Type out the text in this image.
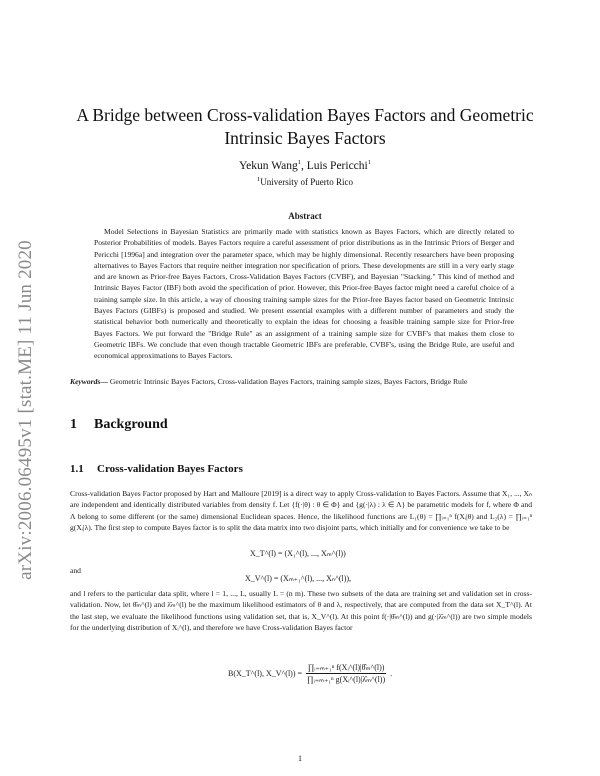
arXiv:2006.06495v1 [stat.ME] 11 Jun 2020
A Bridge between Cross-validation Bayes Factors and Geometric
Intrinsic Bayes Factors
Yekun Wang$^1$, Luis Pericchi$^1$
$^1$University of Puerto Rico
Abstract

Model Selections in Bayesian Statistics are primarily made with statistics known as Bayes Factors, which are directly related to Posterior Probabilities of models. Bayes Factors require a careful assessment of prior distributions as in the Intrinsic Priors of Berger and Pericchi [1996a] and integration over the parameter space, which may be highly dimensional. Recently researchers have been proposing alternatives to Bayes Factors that require neither integration nor specification of priors. These developments are still in a very early stage and are known as Prior-free Bayes Factors, Cross-Validation Bayes Factors (CVBF), and Bayesian "Stacking." This kind of method and Intrinsic Bayes Factor (IBF) both avoid the specification of prior. However, this Prior-free Bayes factor might need a careful choice of a training sample size. In this article, a way of choosing training sample sizes for the Prior-free Bayes factor based on Geometric Intrinsic Bayes Factors (GIBFs) is proposed and studied. We present essential examples with a different number of parameters and study the statistical behavior both numerically and theoretically to explain the ideas for choosing a feasible training sample size for Prior-free Bayes Factors. We put forward the "Bridge Rule" as an assignment of a training sample size for CVBF's that makes them close to Geometric IBFs. We conclude that even though tractable Geometric IBFs are preferable, CVBF's, using the Bridge Rule, are useful and economical approximations to Bayes Factors.

Keywords— Geometric Intrinsic Bayes Factors, Cross-validation Bayes Factors, training sample sizes, Bayes Factors, Bridge Rule

1 Background
1.1 Cross-validation Bayes Factors

Cross-validation Bayes Factor proposed by Hart and Malloure [2019] is a direct way to apply Cross-validation to Bayes Factors. Assume that X₁, ..., Xₙ are independent and identically distributed variables from density f. Let {f(·|θ) : θ ∈ Φ} and {g(·|λ) : λ ∈ Λ} be parametric models for f, where Φ and Λ belong to some different (or the same) dimensional Euclidean spaces. Hence, the likelihood functions are L₁(θ) = ∏ᵢ₌₁ⁿ f(Xᵢ|θ) and L₂(λ) = ∏ᵢ₌₁ⁿ g(Xᵢ|λ). The first step to compute Bayes factor is to split the data matrix into two disjoint parts, which initially and for convenience we take to be

X_T^(l) = (X₁^(l), ..., Xₘ^(l))

and

X_V^(l) = (Xₘ₊₁^(l), ..., Xₙ^(l)),

and l refers to the particular data split, where l = 1, ..., L, usually L = (n m). These two subsets of the data are training set and validation set in cross-validation. Now, let θ̂ₘ^(l) and λ̂ₘ^(l) be the maximum likelihood estimators of θ and λ, respectively, that are computed from the data set X_T^(l). At the last step, we evaluate the likelihood functions using validation set, that is, X_V^(l). At this point f(·|θ̂ₘ^(l)) and g(·|λ̂ₘ^(l)) are two simple models for the underlying distribution of Xᵢ^(l), and therefore we have Cross-validation Bayes factor

B(X_T^(l), X_V^(l)) = $\frac{\text{∏ᵢ₌ₘ₊₁ⁿ f(Xᵢ\textasciicircum{}(l)|θ̂ₘ\textasciicircum{}(l))}}{\text{∏ᵢ₌ₘ₊₁ⁿ g(Xᵢ\textasciicircum{}(l)|λ̂ₘ\textasciicircum{}(l))}}$ .
1
